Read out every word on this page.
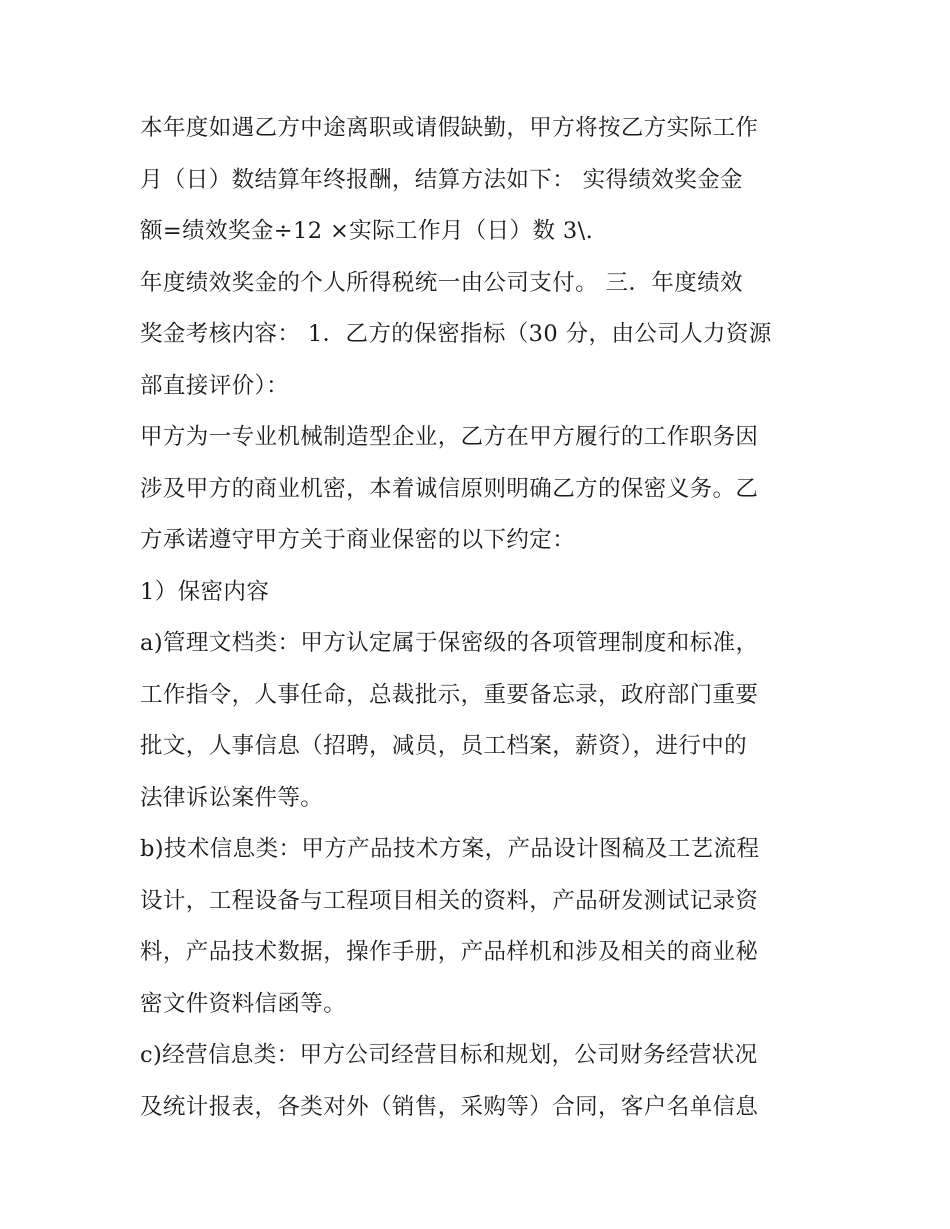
本年度如遇乙方中途离职或请假缺勤，甲方将按乙方实际工作
月（日）数结算年终报酬，结算方法如下： 实得绩效奖金金
额=绩效奖金÷12 ×实际工作月（日）数 3\.

年度绩效奖金的个人所得税统一由公司支付。 三．年度绩效
奖金考核内容： 1．乙方的保密指标（30 分，由公司人力资源
部直接评价）：

甲方为一专业机械制造型企业，乙方在甲方履行的工作职务因
涉及甲方的商业机密，本着诚信原则明确乙方的保密义务。乙
方承诺遵守甲方关于商业保密的以下约定：

1）保密内容

a)管理文档类：甲方认定属于保密级的各项管理制度和标准，
工作指令，人事任命，总裁批示，重要备忘录，政府部门重要
批文，人事信息（招聘，减员，员工档案，薪资），进行中的
法律诉讼案件等。

b)技术信息类：甲方产品技术方案，产品设计图稿及工艺流程
设计，工程设备与工程项目相关的资料，产品研发测试记录资
料，产品技术数据，操作手册，产品样机和涉及相关的商业秘
密文件资料信函等。

c)经营信息类：甲方公司经营目标和规划，公司财务经营状况
及统计报表，各类对外（销售，采购等）合同，客户名单信息
